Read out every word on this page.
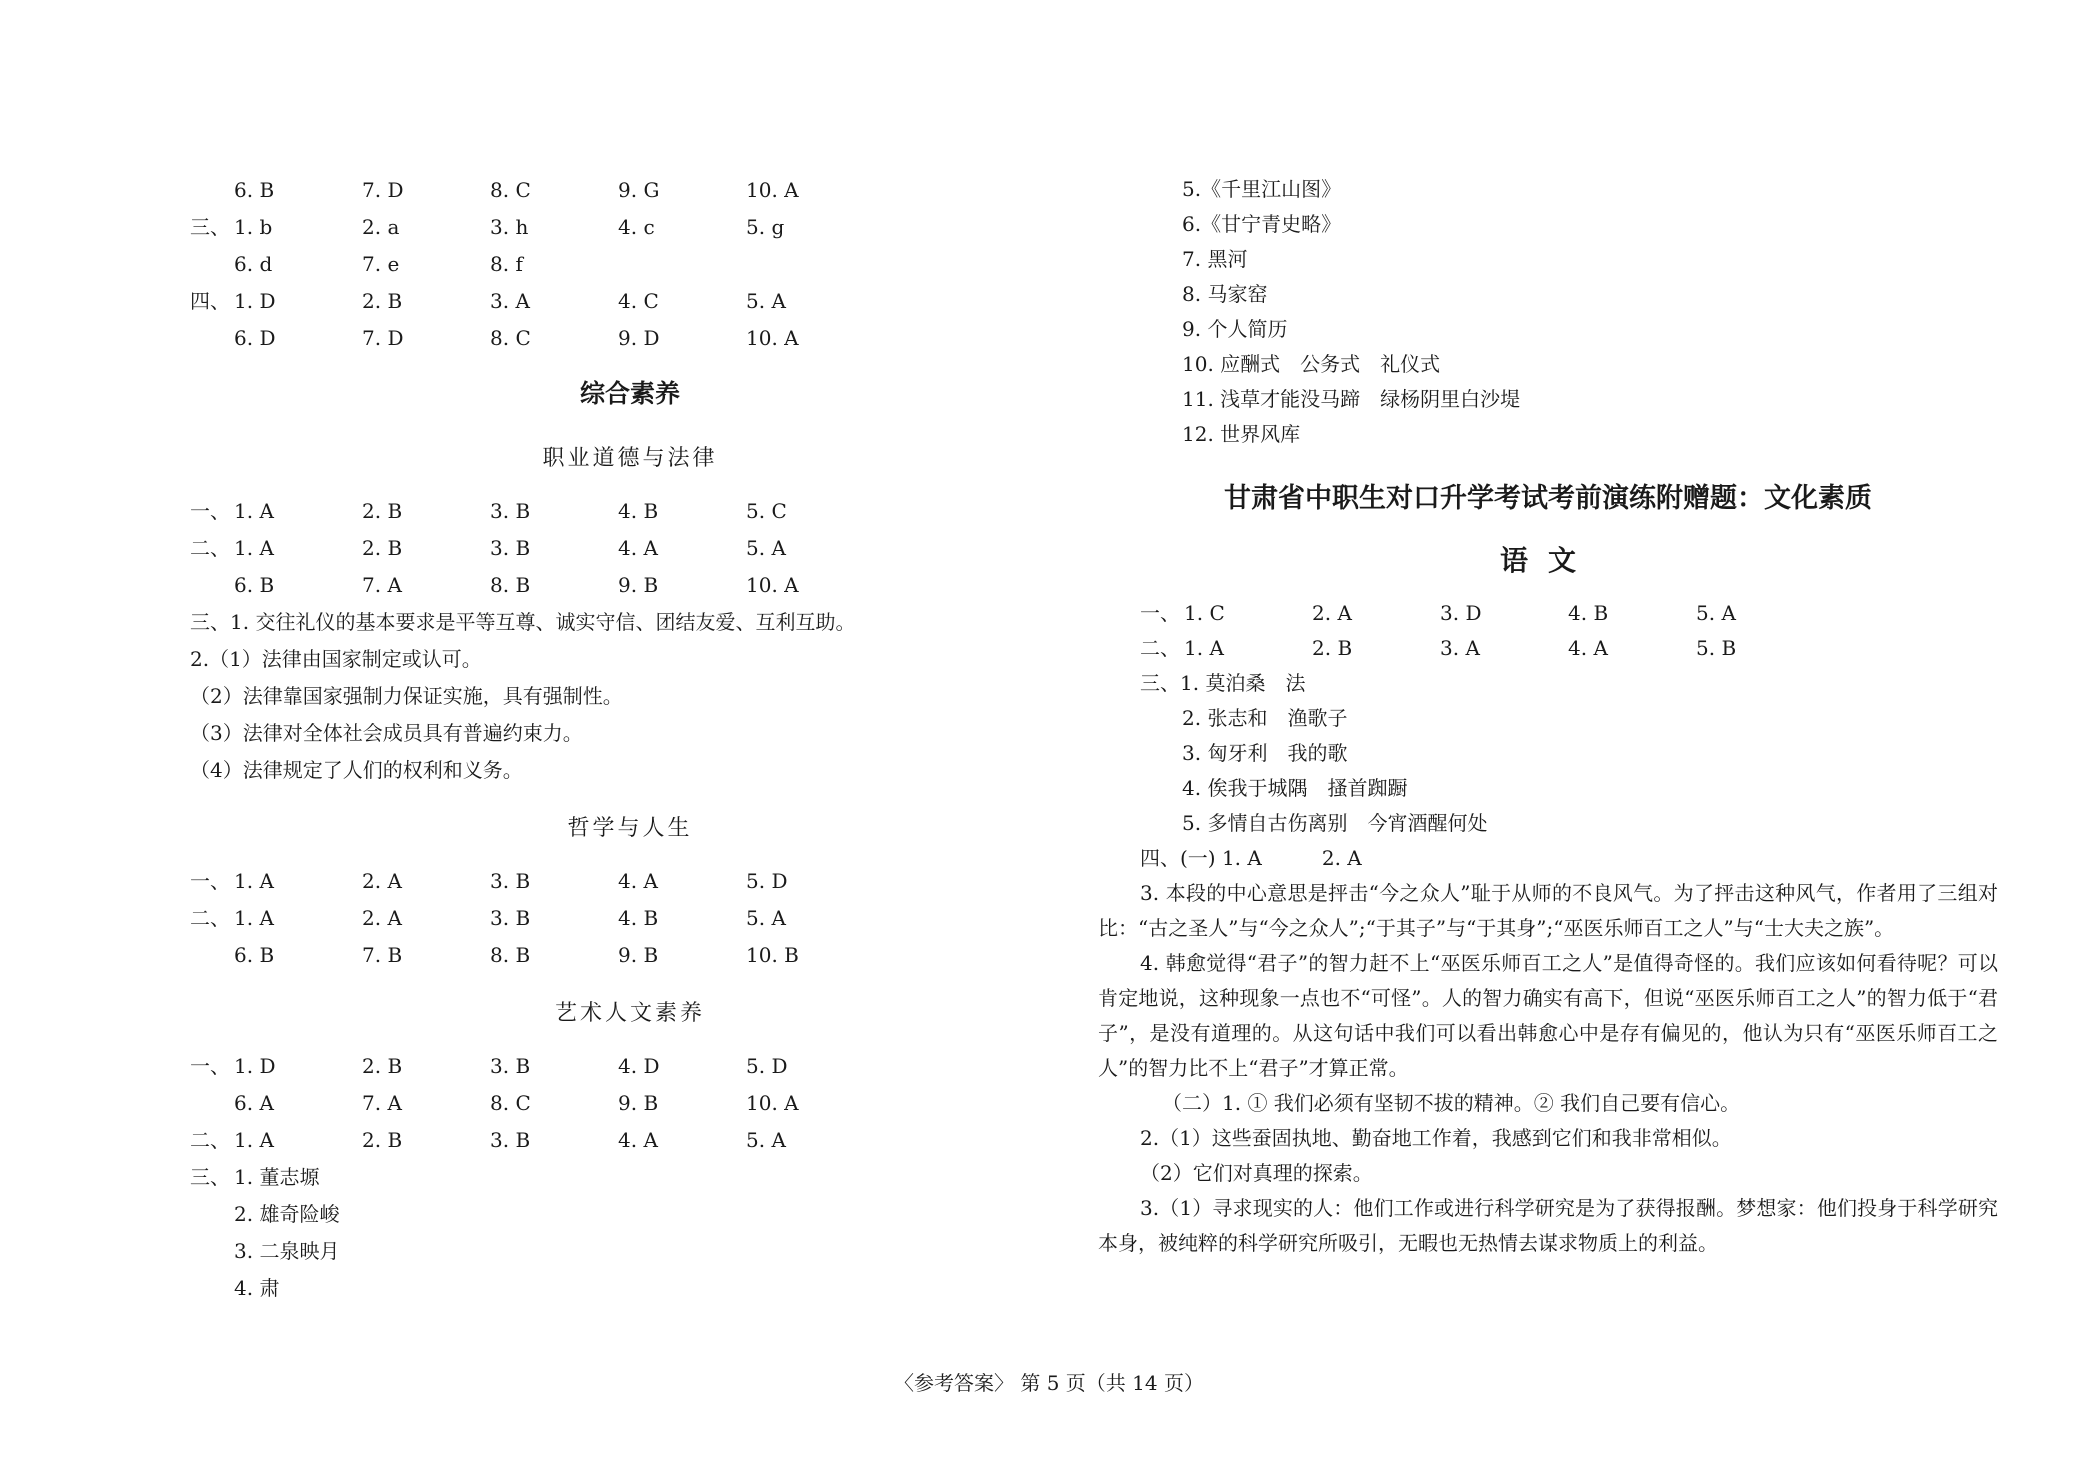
6. B	7. D	8. C	9. G	10. A
三、 1. b	2. a	3. h	4. c	5. g
6. d	7. e	8. f
四、 1. D	2. B	3. A	4. C	5. A
6. D	7. D	8. C	9. D	10. A
综合素养
职业道德与法律
一、 1. A	2. B	3. B	4. B	5. C
二、 1. A	2. B	3. B	4. A	5. A
6. B	7. A	8. B	9. B	10. A
三、1. 交往礼仪的基本要求是平等互尊、诚实守信、团结友爱、互利互助。
2.（1）法律由国家制定或认可。
（2）法律靠国家强制力保证实施，具有强制性。
（3）法律对全体社会成员具有普遍约束力。
（4）法律规定了人们的权利和义务。
哲学与人生
一、 1. A	2. A	3. B	4. A	5. D
二、 1. A	2. A	3. B	4. B	5. A
6. B	7. B	8. B	9. B	10. B
艺术人文素养
一、 1. D	2. B	3. B	4. D	5. D
6. A	7. A	8. C	9. B	10. A
二、 1. A	2. B	3. B	4. A	5. A
三、 1. 董志塬
2. 雄奇险峻
3. 二泉映月
4. 肃
5.《千里江山图》
6.《甘宁青史略》
7. 黑河
8. 马家窑
9. 个人简历
10. 应酬式　公务式　礼仪式
11. 浅草才能没马蹄　绿杨阴里白沙堤
12. 世界风库
甘肃省中职生对口升学考试考前演练附赠题：文化素质
语文
一、 1. C	2. A	3. D	4. B	5. A
二、 1. A	2. B	3. A	4. A	5. B
三、1. 莫泊桑　法
2. 张志和　渔歌子
3. 匈牙利　我的歌
4. 俟我于城隅　搔首踟蹰
5. 多情自古伤离别　今宵酒醒何处
四、(一) 1. A　　　2. A
3. 本段的中心意思是抨击“今之众人”耻于从师的不良风气。为了抨击这种风气，作者用了三组对比：“古之圣人”与“今之众人”;“于其子”与“于其身”;“巫医乐师百工之人”与“士大夫之族”。
4. 韩愈觉得“君子”的智力赶不上“巫医乐师百工之人”是值得奇怪的。我们应该如何看待呢？可以肯定地说，这种现象一点也不“可怪”。人的智力确实有高下，但说“巫医乐师百工之人”的智力低于“君子”，是没有道理的。从这句话中我们可以看出韩愈心中是存有偏见的，他认为只有“巫医乐师百工之人”的智力比不上“君子”才算正常。
（二）1. ① 我们必须有坚韧不拔的精神。② 我们自己要有信心。
2.（1）这些蚕固执地、勤奋地工作着，我感到它们和我非常相似。
（2）它们对真理的探索。
3.（1）寻求现实的人：他们工作或进行科学研究是为了获得报酬。梦想家：他们投身于科学研究本身，被纯粹的科学研究所吸引，无暇也无热情去谋求物质上的利益。
〈参考答案〉 第 5 页（共 14 页）
